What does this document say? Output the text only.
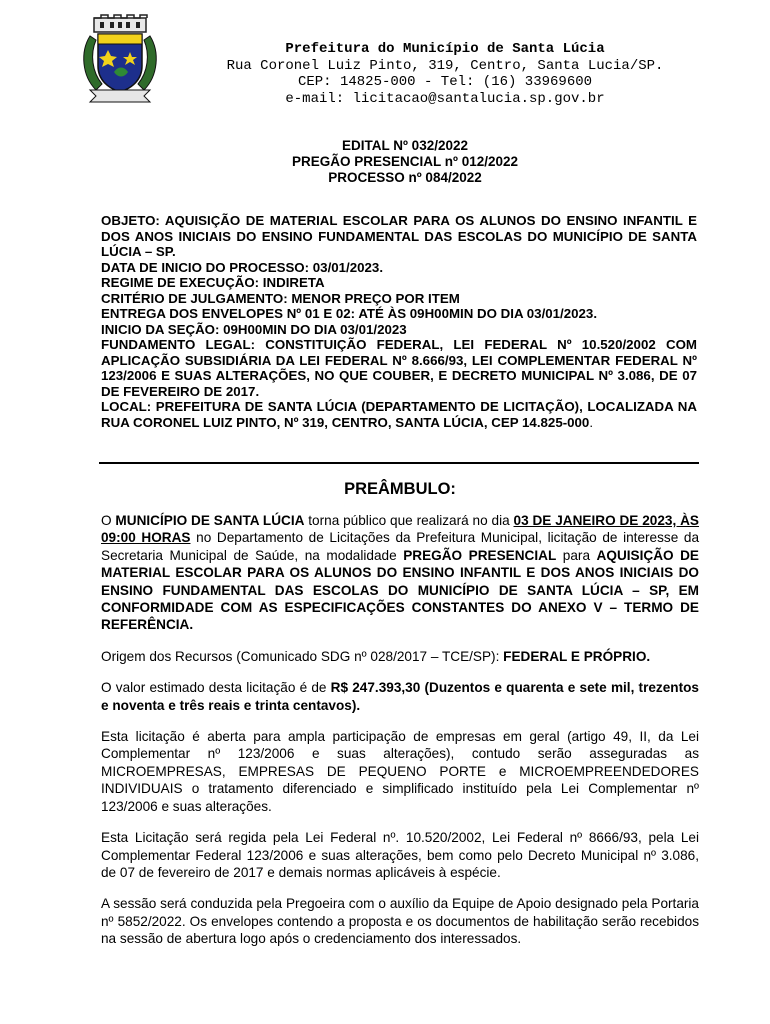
Prefeitura do Município de Santa Lúcia
Rua Coronel Luiz Pinto, 319, Centro, Santa Lucia/SP.
CEP: 14825-000 - Tel: (16) 33969600
e-mail: licitacao@santalucia.sp.gov.br
EDITAL Nº 032/2022
PREGÃO PRESENCIAL nº 012/2022
PROCESSO nº 084/2022

OBJETO: AQUISIÇÃO DE MATERIAL ESCOLAR PARA OS ALUNOS DO ENSINO INFANTIL E DOS ANOS INICIAIS DO ENSINO FUNDAMENTAL DAS ESCOLAS DO MUNICÍPIO DE SANTA LÚCIA – SP.

DATA DE INICIO DO PROCESSO: 03/01/2023.

REGIME DE EXECUÇÃO: INDIRETA

CRITÉRIO DE JULGAMENTO: MENOR PREÇO POR ITEM

ENTREGA DOS ENVELOPES Nº 01 E 02: ATÉ ÀS 09H00MIN DO DIA 03/01/2023.

INICIO DA SEÇÃO: 09H00MIN DO DIA 03/01/2023

FUNDAMENTO LEGAL: CONSTITUIÇÃO FEDERAL, LEI FEDERAL Nº 10.520/2002 COM APLICAÇÃO SUBSIDIÁRIA DA LEI FEDERAL Nº 8.666/93, LEI COMPLEMENTAR FEDERAL Nº 123/2006 E SUAS ALTERAÇÕES, NO QUE COUBER, E DECRETO MUNICIPAL Nº 3.086, DE 07 DE FEVEREIRO DE 2017.

LOCAL: PREFEITURA DE SANTA LÚCIA (DEPARTAMENTO DE LICITAÇÃO), LOCALIZADA NA RUA CORONEL LUIZ PINTO, Nº 319, CENTRO, SANTA LÚCIA, CEP 14.825-000.

PREÂMBULO:

O MUNICÍPIO DE SANTA LÚCIA torna público que realizará no dia 03 DE JANEIRO DE 2023, ÀS 09:00 HORAS no Departamento de Licitações da Prefeitura Municipal, licitação de interesse da Secretaria Municipal de Saúde, na modalidade PREGÃO PRESENCIAL para AQUISIÇÃO DE MATERIAL ESCOLAR PARA OS ALUNOS DO ENSINO INFANTIL E DOS ANOS INICIAIS DO ENSINO FUNDAMENTAL DAS ESCOLAS DO MUNICÍPIO DE SANTA LÚCIA – SP, EM CONFORMIDADE COM AS ESPECIFICAÇÕES CONSTANTES DO ANEXO V – TERMO DE REFERÊNCIA.

Origem dos Recursos (Comunicado SDG nº 028/2017 – TCE/SP): FEDERAL E PRÓPRIO.

O valor estimado desta licitação é de R$ 247.393,30 (Duzentos e quarenta e sete mil, trezentos e noventa e três reais e trinta centavos).

Esta licitação é aberta para ampla participação de empresas em geral (artigo 49, II, da Lei Complementar nº 123/2006 e suas alterações), contudo serão asseguradas as MICROEMPRESAS, EMPRESAS DE PEQUENO PORTE e MICROEMPREENDEDORES INDIVIDUAIS o tratamento diferenciado e simplificado instituído pela Lei Complementar nº 123/2006 e suas alterações.

Esta Licitação será regida pela Lei Federal nº. 10.520/2002, Lei Federal nº 8666/93, pela Lei Complementar Federal 123/2006 e suas alterações, bem como pelo Decreto Municipal nº 3.086, de 07 de fevereiro de 2017 e demais normas aplicáveis à espécie.

A sessão será conduzida pela Pregoeira com o auxílio da Equipe de Apoio designado pela Portaria nº 5852/2022. Os envelopes contendo a proposta e os documentos de habilitação serão recebidos na sessão de abertura logo após o credenciamento dos interessados.
